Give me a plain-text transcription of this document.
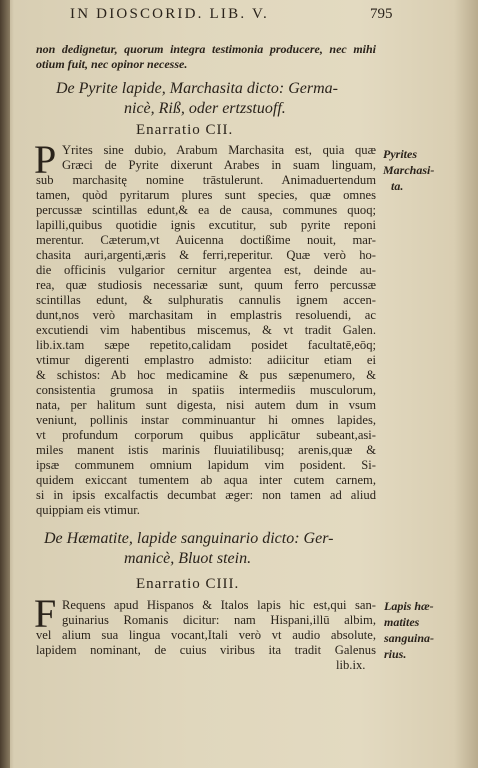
IN DIOSCORID. LIB. V.	795
non dedignetur, quorum integra testimonia producere, nec mihi
otium fuit, nec opinor necesse.
De Pyrite lapide, Marchasita dicto: Germa-
nicè, Riß, oder ertzstuoff.
Enarratio CII.
P	Pyrites
Marchasi-
ta.
Yrites sine dubio, Arabum Marchasita est, quia quæ
Græci de Pyrite dixerunt Arabes in suam linguam,
sub marchasitę nomine trāstulerunt. Animaduertendum
tamen, quòd pyritarum plures sunt species, quæ omnes
percussæ scintillas edunt,& ea de causa, communes quoq;
lapilli,quibus quotidie ignis excutitur, sub pyrite reponi
merentur. Cæterum,vt Auicenna doctißime nouit, mar-
chasita auri,argenti,æris & ferri,reperitur. Quæ verò ho-
die officinis vulgarior cernitur argentea est, deinde au-
rea, quæ studiosis necessariæ sunt, quum ferro percussæ
scintillas edunt, & sulphuratis cannulis ignem accen-
dunt,nos verò marchasitam in emplastris resoluendi, ac
excutiendi vim habentibus miscemus, & vt tradit Galen.
lib.ix.tam sæpe repetito,calidam posidet facultatē,eōq;
vtimur digerenti emplastro admisto: adiicitur etiam ei
& schistos: Ab hoc medicamine & pus sæpenumero, &
consistentia grumosa in spatiis intermediis musculorum,
nata, per halitum sunt digesta, nisi autem dum in vsum
veniunt, pollinis instar comminuantur hi omnes lapides,
vt profundum corporum quibus applicātur subeant,asi-
miles manent istis marinis fluuiatilibusq; arenis,quæ &
ipsæ communem omnium lapidum vim posident. Si-
quidem exiccant tumentem ab aqua inter cutem carnem,
si in ipsis excalfactis decumbat æger: non tamen ad aliud
quippiam eis vtimur.
De Hæmatite, lapide sanguinario dicto: Ger-
manicè, Bluot stein.
Enarratio CIII.
F	Lapis hæ-
matites
sanguina-
rius.
Requens apud Hispanos & Italos lapis hic est,qui san-
guinarius Romanis dicitur: nam Hispani,illū albim,
vel alium sua lingua vocant,Itali verò vt audio absolute,
lapidem nominant, de cuius viribus ita tradit Galenus
lib.ix.
